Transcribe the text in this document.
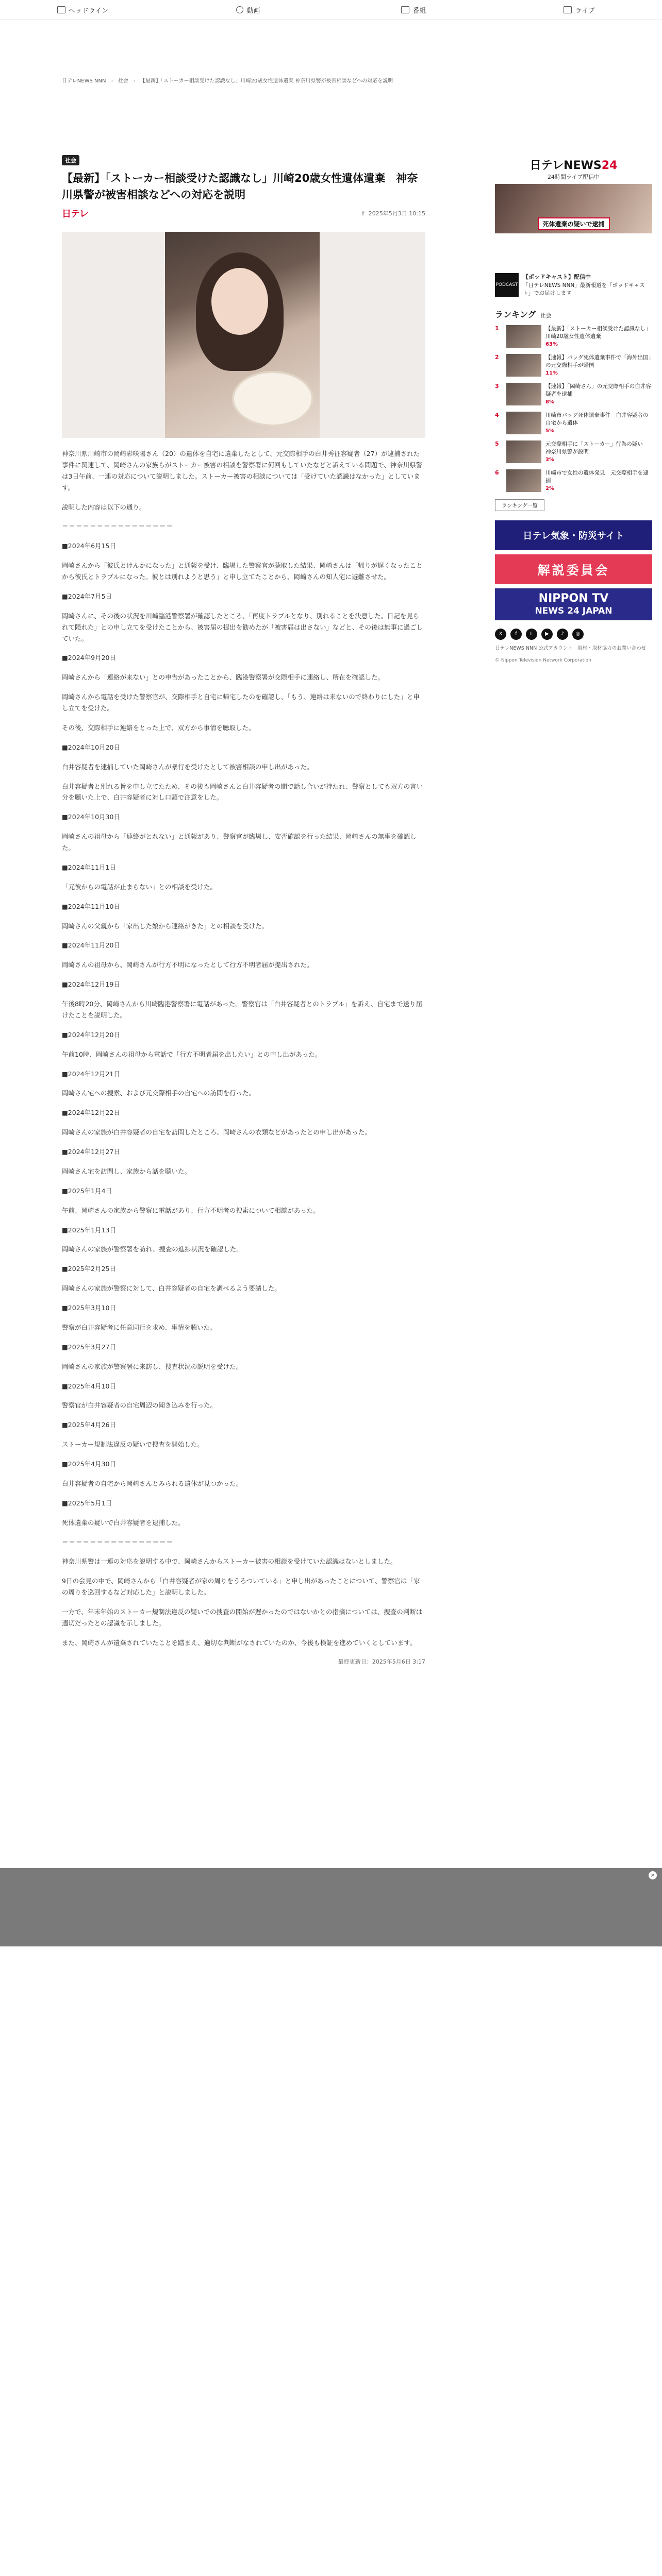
ヘッドライン	動画	番組	ライブ
日テレNEWS NNN › 社会 › 【最新】「ストーカー相談受けた認識なし」川崎20歳女性遺体遺棄 神奈川県警が被害相談などへの対応を説明
社会
【最新】「ストーカー相談受けた認識なし」川崎20歳女性遺体遺棄　神奈川県警が被害相談などへの対応を説明
日テレ	⇧ 2025年5月3日 10:15

神奈川県川崎市の岡崎彩咲陽さん（20）の遺体を自宅に遺棄したとして、元交際相手の白井秀征容疑者（27）が逮捕された事件に関連して、岡崎さんの家族らがストーカー被害の相談を警察署に何回もしていたなどと訴えている問題で、神奈川県警は3日午前、一連の対応について説明しました。ストーカー被害の相談については「受けていた認識はなかった」としています。

説明した内容は以下の通り。

＝＝＝＝＝＝＝＝＝＝＝＝＝＝＝＝

■2024年6月15日

岡崎さんから「彼氏とけんかになった」と通報を受け、臨場した警察官が聴取した結果、岡崎さんは「帰りが遅くなったことから彼氏とトラブルになった。彼とは別れようと思う」と申し立てたことから、岡崎さんの知人宅に避難させた。

■2024年7月5日

岡崎さんに、その後の状況を川崎臨港警察署が確認したところ、「再度トラブルとなり、別れることを決意した。日記を見られて隠れた」との申し立てを受けたことから、被害届の提出を勧めたが「被害届は出さない」などと、その後は無事に過ごしていた。

■2024年9月20日

岡崎さんから「連絡が来ない」との申告があったことから、臨港警察署が交際相手に連絡し、所在を確認した。

岡崎さんから電話を受けた警察官が、交際相手と自宅に帰宅したのを確認し、「もう、連絡は来ないので終わりにした」と申し立てを受けた。

その後、交際相手に連絡をとった上で、双方から事情を聴取した。

■2024年10月20日

白井容疑者を逮捕していた岡崎さんが暴行を受けたとして被害相談の申し出があった。

白井容疑者と別れる旨を申し立てたため、その後も岡崎さんと白井容疑者の間で話し合いが持たれ、警察としても双方の言い分を聴いた上で、白井容疑者に対し口頭で注意をした。

■2024年10月30日

岡崎さんの祖母から「連絡がとれない」と通報があり、警察官が臨場し、安否確認を行った結果、岡崎さんの無事を確認した。

■2024年11月1日

「元彼からの電話が止まらない」との相談を受けた。

■2024年11月10日

岡崎さんの父親から「家出した娘から連絡がきた」との相談を受けた。

■2024年11月20日

岡崎さんの祖母から、岡崎さんが行方不明になったとして行方不明者届が提出された。

■2024年12月19日

午後8時20分、岡崎さんから川崎臨港警察署に電話があった。警察官は「白井容疑者とのトラブル」を訴え、自宅まで送り届けたことを説明した。

■2024年12月20日

午前10時、岡崎さんの祖母から電話で「行方不明者届を出したい」との申し出があった。

■2024年12月21日

岡崎さん宅への捜索、および元交際相手の自宅への訪問を行った。

■2024年12月22日

岡崎さんの家族が白井容疑者の自宅を訪問したところ、岡崎さんの衣類などがあったとの申し出があった。

■2024年12月27日

岡崎さん宅を訪問し、家族から話を聴いた。

■2025年1月4日

午前、岡崎さんの家族から警察に電話があり、行方不明者の捜索について相談があった。

■2025年1月13日

岡崎さんの家族が警察署を訪れ、捜査の進捗状況を確認した。

■2025年2月25日

岡崎さんの家族が警察に対して、白井容疑者の自宅を調べるよう要請した。

■2025年3月10日

警察が白井容疑者に任意同行を求め、事情を聴いた。

■2025年3月27日

岡崎さんの家族が警察署に来訪し、捜査状況の説明を受けた。

■2025年4月10日

警察官が白井容疑者の自宅周辺の聞き込みを行った。

■2025年4月26日

ストーカー規制法違反の疑いで捜査を開始した。

■2025年4月30日

白井容疑者の自宅から岡崎さんとみられる遺体が見つかった。

■2025年5月1日

死体遺棄の疑いで白井容疑者を逮捕した。

＝＝＝＝＝＝＝＝＝＝＝＝＝＝＝＝

神奈川県警は一連の対応を説明する中で、岡崎さんからストーカー被害の相談を受けていた認識はないとしました。

9日の会見の中で、岡崎さんから「白井容疑者が家の周りをうろついている」と申し出があったことについて、警察官は「家の周りを巡回するなど対応した」と説明しました。

一方で、年末年始のストーカー規制法違反の疑いでの捜査の開始が遅かったのではないかとの指摘については、捜査の判断は適切だったとの認識を示しました。

また、岡崎さんが遺棄されていたことを踏まえ、適切な判断がなされていたのか、今後も検証を進めていくとしています。

最終更新日：2025年5月6日 3:17

×
日テレNEWS24
24時間ライブ配信中
死体遺棄の疑いで逮捕
PODCAST
【ポッドキャスト】配信中
「日テレNEWS NNN」最新報道を「ポッドキャスト」でお届けします
ランキング 社会
1	【最新】「ストーカー相談受けた認識なし」川崎20歳女性遺体遺棄
63%
2	【速報】バッグ死体遺棄事件で「海外出国」の元交際相手が帰国
11%
3	【速報】「岡崎さん」の元交際相手の白井容疑者を逮捕
8%
4	川崎市バッグ死体遺棄事件　白井容疑者の自宅から遺体
5%
5	元交際相手に「ストーカー」行為の疑い　神奈川県警が説明
3%
6	川崎市で女性の遺体発見　元交際相手を逮捕
2%
ランキング一覧
日テレ気象・防災サイト
解説委員会
NIPPON TV
NEWS 24 JAPAN
X	f	L	▶	♪	◎
日テレNEWS NNN 公式アカウント　取材・取材協力のお問い合わせ
© Nippon Television Network Corporation
